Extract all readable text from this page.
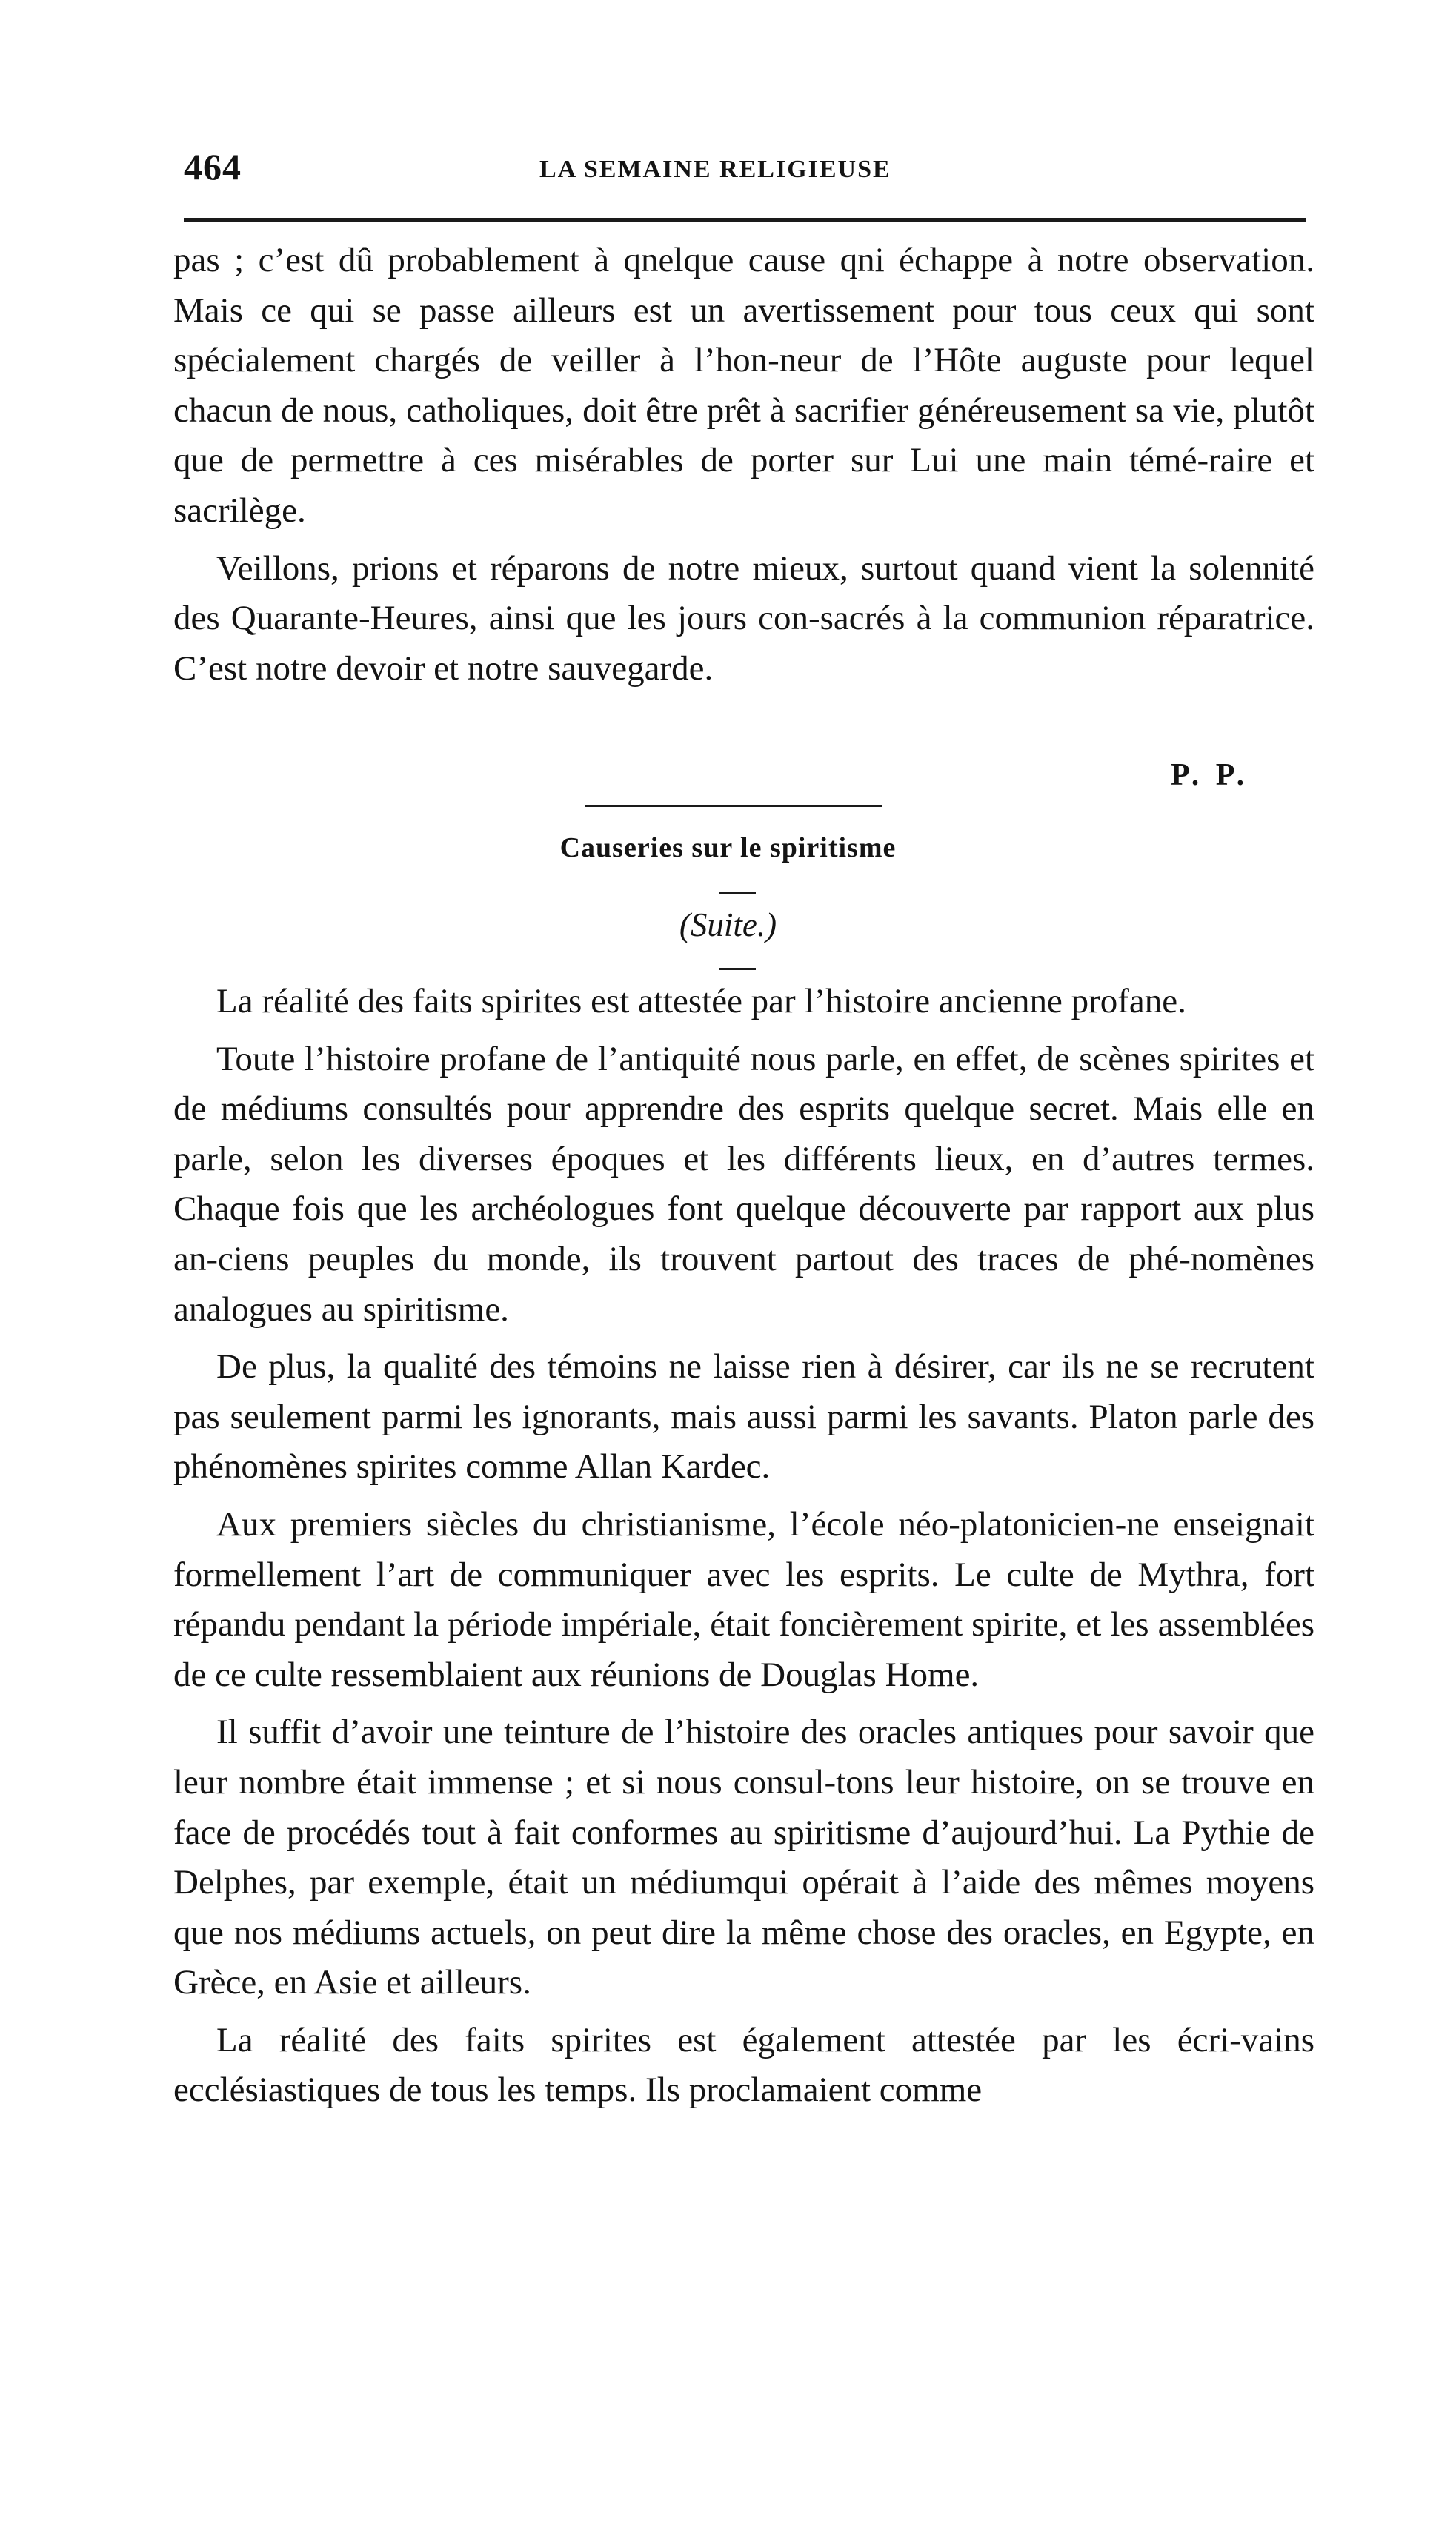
464	LA SEMAINE RELIGIEUSE

pas ; c’est dû probablement à qnelque cause qni échappe à notre observation. Mais ce qui se passe ailleurs est un avertissement pour tous ceux qui sont spécialement chargés de veiller à l’hon-neur de l’Hôte auguste pour lequel chacun de nous, catholiques, doit être prêt à sacrifier généreusement sa vie, plutôt que de permettre à ces misérables de porter sur Lui une main témé-raire et sacrilège.

Veillons, prions et réparons de notre mieux, surtout quand vient la solennité des Quarante-Heures, ainsi que les jours con-sacrés à la communion réparatrice. C’est notre devoir et notre sauvegarde.

P. P.
Causeries sur le spiritisme
(Suite.)

La réalité des faits spirites est attestée par l’histoire ancienne profane.

Toute l’histoire profane de l’antiquité nous parle, en effet, de scènes spirites et de médiums consultés pour apprendre des esprits quelque secret. Mais elle en parle, selon les diverses époques et les différents lieux, en d’autres termes. Chaque fois que les archéologues font quelque découverte par rapport aux plus an-ciens peuples du monde, ils trouvent partout des traces de phé-nomènes analogues au spiritisme.

De plus, la qualité des témoins ne laisse rien à désirer, car ils ne se recrutent pas seulement parmi les ignorants, mais aussi parmi les savants. Platon parle des phénomènes spirites comme Allan Kardec.

Aux premiers siècles du christianisme, l’école néo-platonicien-ne enseignait formellement l’art de communiquer avec les esprits. Le culte de Mythra, fort répandu pendant la période impériale, était foncièrement spirite, et les assemblées de ce culte ressemblaient aux réunions de Douglas Home.

Il suffit d’avoir une teinture de l’histoire des oracles antiques pour savoir que leur nombre était immense ; et si nous consul-tons leur histoire, on se trouve en face de procédés tout à fait conformes au spiritisme d’aujourd’hui. La Pythie de Delphes, par exemple, était un médiumqui opérait à l’aide des mêmes moyens que nos médiums actuels, on peut dire la même chose des oracles, en Egypte, en Grèce, en Asie et ailleurs.

La réalité des faits spirites est également attestée par les écri-vains ecclésiastiques de tous les temps. Ils proclamaient comme
